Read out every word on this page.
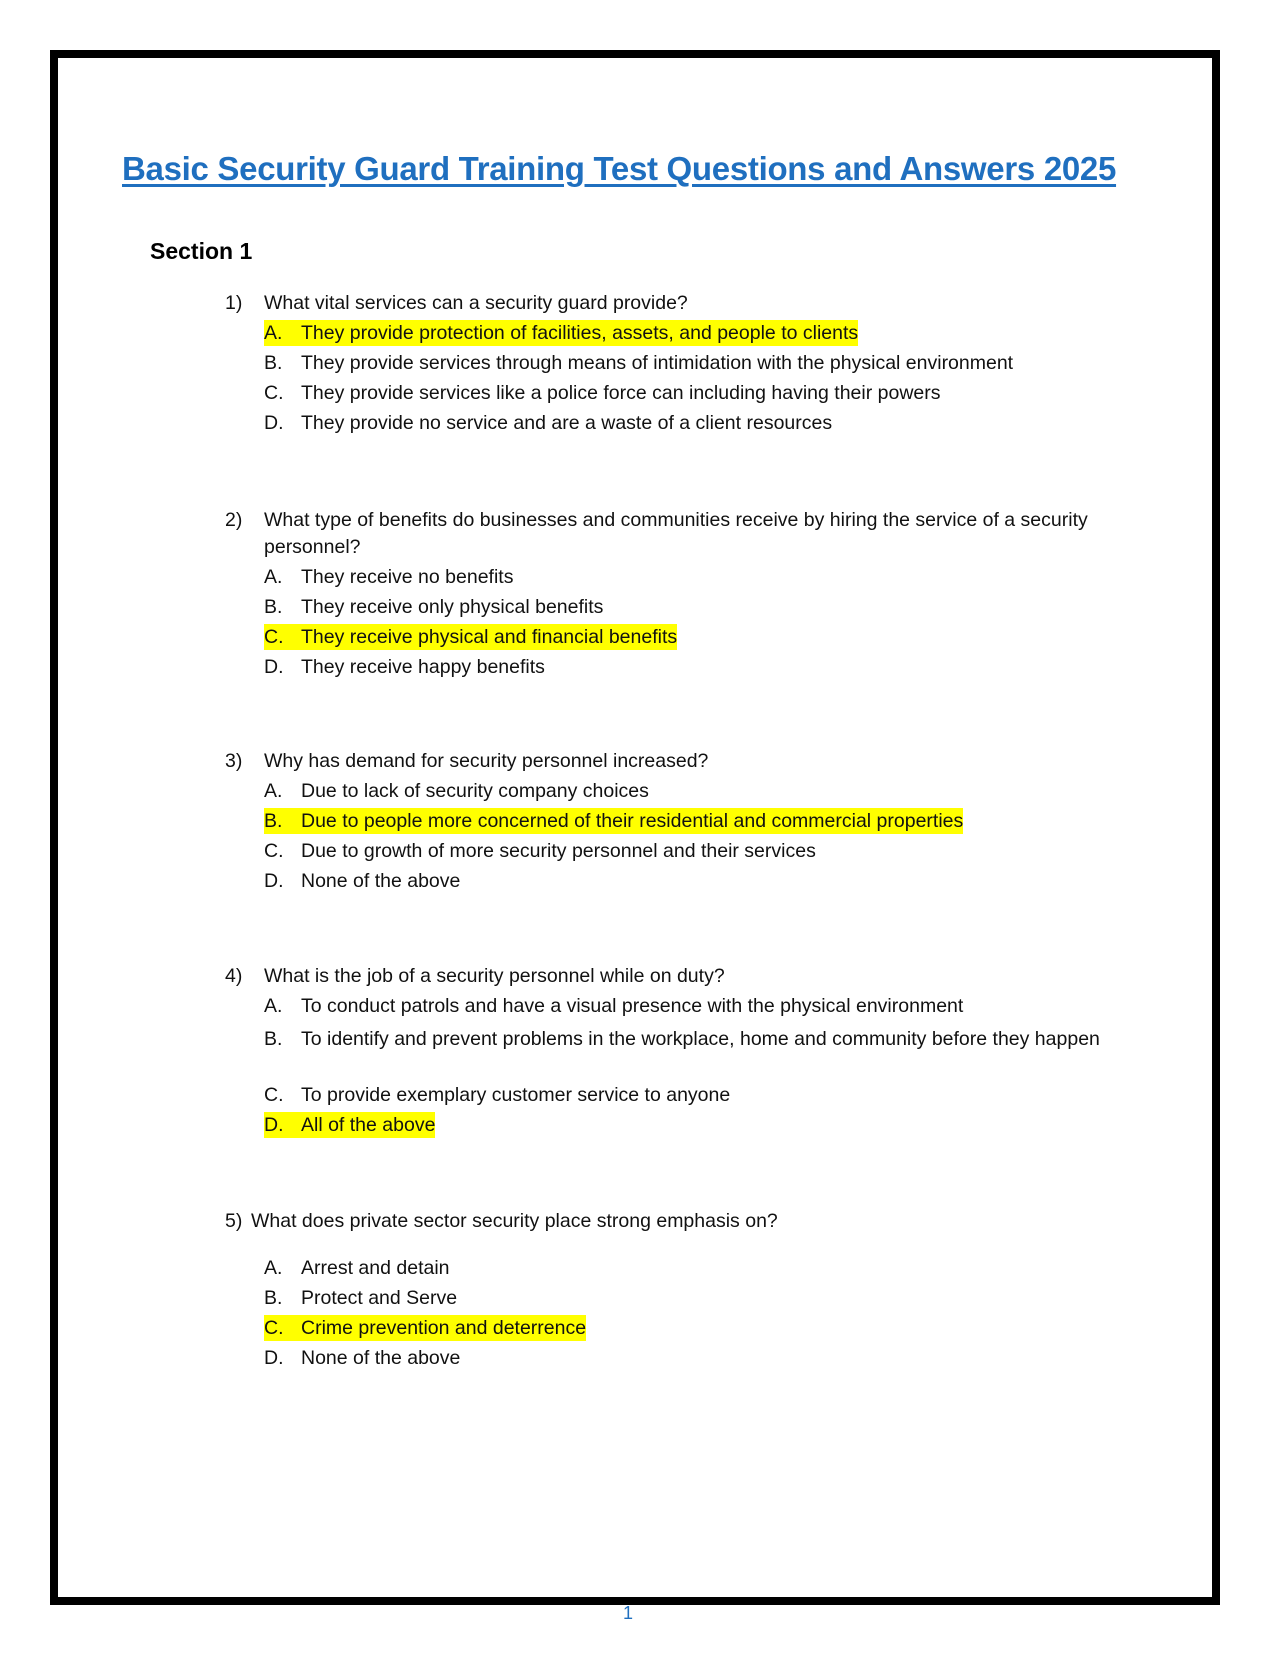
Basic Security Guard Training Test Questions and Answers 2025
Section 1
1) What vital services can a security guard provide?
A. They provide protection of facilities, assets, and people to clients
B. They provide services through means of intimidation with the physical environment
C. They provide services like a police force can including having their powers
D. They provide no service and are a waste of a client resources
2) What type of benefits do businesses and communities receive by hiring the service of a security personnel?
A. They receive no benefits
B. They receive only physical benefits
C. They receive physical and financial benefits
D. They receive happy benefits
3) Why has demand for security personnel increased?
A. Due to lack of security company choices
B. Due to people more concerned of their residential and commercial properties
C. Due to growth of more security personnel and their services
D. None of the above
4) What is the job of a security personnel while on duty?
A. To conduct patrols and have a visual presence with the physical environment
B. To identify and prevent problems in the workplace, home and community before they happen
C. To provide exemplary customer service to anyone
D. All of the above
5) What does private sector security place strong emphasis on?
A. Arrest and detain
B. Protect and Serve
C. Crime prevention and deterrence
D. None of the above
1
